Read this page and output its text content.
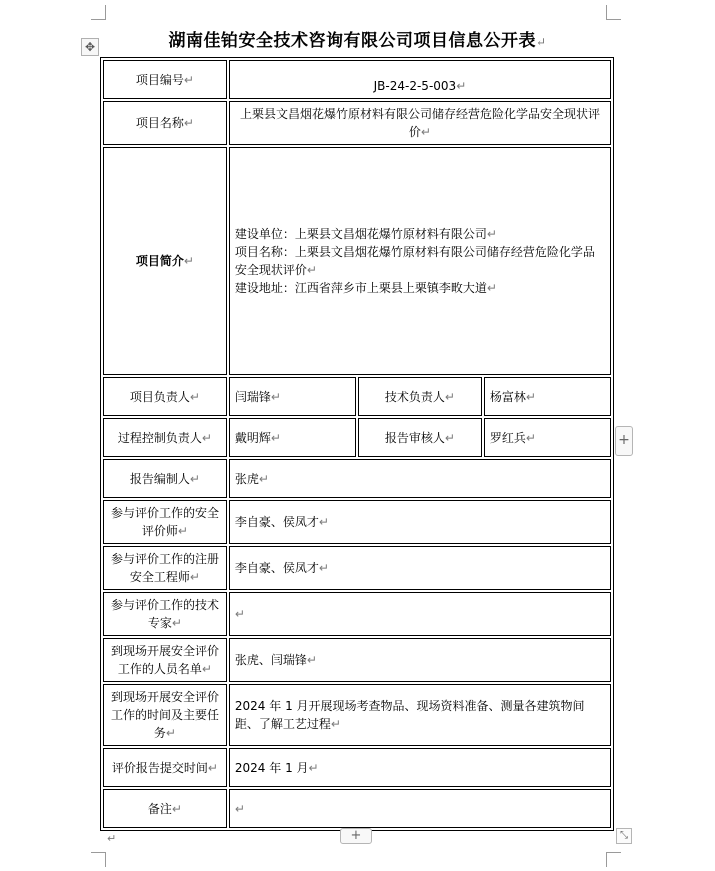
湖南佳铂安全技术咨询有限公司项目信息公开表↵
✥
项目编号↵	JB-24-2-5-003↵		
项目名称↵	上栗县文昌烟花爆竹原材料有限公司储存经营危险化学品安全现状评价↵		
项目简介↵	建设单位：上栗县文昌烟花爆竹原材料有限公司↵
项目名称：上栗县文昌烟花爆竹原材料有限公司储存经营危险化学品安全现状评价↵
建设地址：江西省萍乡市上栗县上栗镇李畋大道↵		

项目负责人↵	闫瑞锋↵	技术负责人↵	杨富林↵
过程控制负责人↵	戴明辉↵	报告审核人↵	罗红兵↵
报告编制人↵	张虎↵		
参与评价工作的安全评价师↵	李自豪、侯凤才↵		
参与评价工作的注册安全工程师↵	李自豪、侯凤才↵		
参与评价工作的技术专家↵	↵		
到现场开展安全评价工作的人员名单↵	张虎、闫瑞锋↵		
到现场开展安全评价工作的时间及主要任务↵	2024 年 1 月开展现场考查物品、现场资料准备、测量各建筑物间距、了解工艺过程↵		
评价报告提交时间↵	2024 年 1 月↵		
备注↵	↵		
+
+	⤡
↵
